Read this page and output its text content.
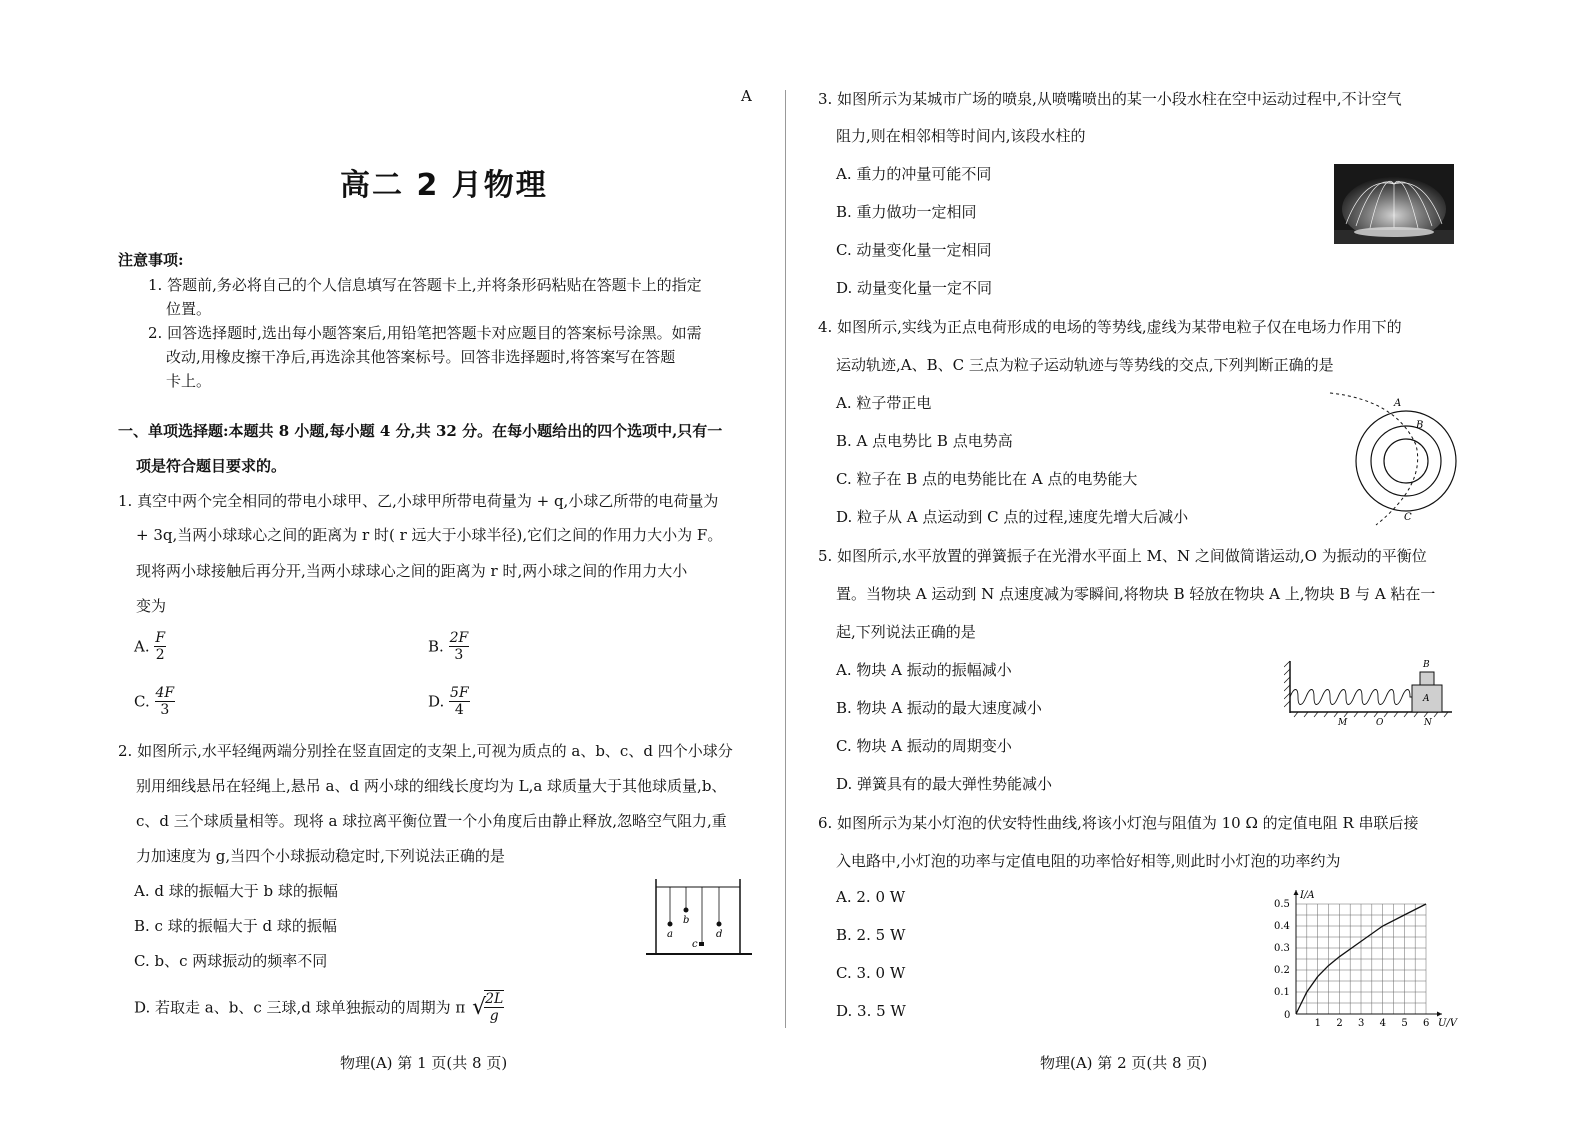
A
高二 2 月物理
注意事项:
1. 答题前,务必将自己的个人信息填写在答题卡上,并将条形码粘贴在答题卡上的指定
位置。
2. 回答选择题时,选出每小题答案后,用铅笔把答题卡对应题目的答案标号涂黑。如需
改动,用橡皮擦干净后,再选涂其他答案标号。回答非选择题时,将答案写在答题
卡上。
一、单项选择题:本题共 8 小题,每小题 4 分,共 32 分。在每小题给出的四个选项中,只有一
项是符合题目要求的。
1. 真空中两个完全相同的带电小球甲、乙,小球甲所带电荷量为 + q,小球乙所带的电荷量为
+ 3q,当两小球球心之间的距离为 r 时( r 远大于小球半径),它们之间的作用力大小为 F。
现将两小球接触后再分开,当两小球球心之间的距离为 r 时,两小球之间的作用力大小
变为
A. $\frac{F}{2}$	B. $\frac{2F}{3}$
C. $\frac{4F}{3}$	D. $\frac{5F}{4}$
2. 如图所示,水平轻绳两端分别拴在竖直固定的支架上,可视为质点的 a、b、c、d 四个小球分
别用细线悬吊在轻绳上,悬吊 a、d 两小球的细线长度均为 L,a 球质量大于其他球质量,b、
c、d 三个球质量相等。现将 a 球拉离平衡位置一个小角度后由静止释放,忽略空气阻力,重
力加速度为 g,当四个小球振动稳定时,下列说法正确的是
A. d 球的振幅大于 b 球的振幅
B. c 球的振幅大于 d 球的振幅
C. b、c 两球振动的频率不同
D. 若取走 a、b、c 三球,d 球单独振动的周期为 π √
$\frac{2L}{g}$
a
b
c
d
物理(A) 第 1 页(共 8 页)
3. 如图所示为某城市广场的喷泉,从喷嘴喷出的某一小段水柱在空中运动过程中,不计空气
阻力,则在相邻相等时间内,该段水柱的
A. 重力的冲量可能不同
B. 重力做功一定相同
C. 动量变化量一定相同
D. 动量变化量一定不同
4. 如图所示,实线为正点电荷形成的电场的等势线,虚线为某带电粒子仅在电场力作用下的
运动轨迹,A、B、C 三点为粒子运动轨迹与等势线的交点,下列判断正确的是
A. 粒子带正电
B. A 点电势比 B 点电势高
C. 粒子在 B 点的电势能比在 A 点的电势能大
D. 粒子从 A 点运动到 C 点的过程,速度先增大后减小
A
B
C
5. 如图所示,水平放置的弹簧振子在光滑水平面上 M、N 之间做简谐运动,O 为振动的平衡位
置。当物块 A 运动到 N 点速度减为零瞬间,将物块 B 轻放在物块 A 上,物块 B 与 A 粘在一
起,下列说法正确的是
A. 物块 A 振动的振幅减小
B. 物块 A 振动的最大速度减小
C. 物块 A 振动的周期变小
D. 弹簧具有的最大弹性势能减小
B
A
M	O	N
6. 如图所示为某小灯泡的伏安特性曲线,将该小灯泡与阻值为 10 Ω 的定值电阻 R 串联后接
入电路中,小灯泡的功率与定值电阻的功率恰好相等,则此时小灯泡的功率约为
A. 2. 0 W
B. 2. 5 W
C. 3. 0 W
D. 3. 5 W
1 2 3 4 5 6
0.1
0.2
0.3
0.4
0.5
0
U/V
I/A
物理(A) 第 2 页(共 8 页)
